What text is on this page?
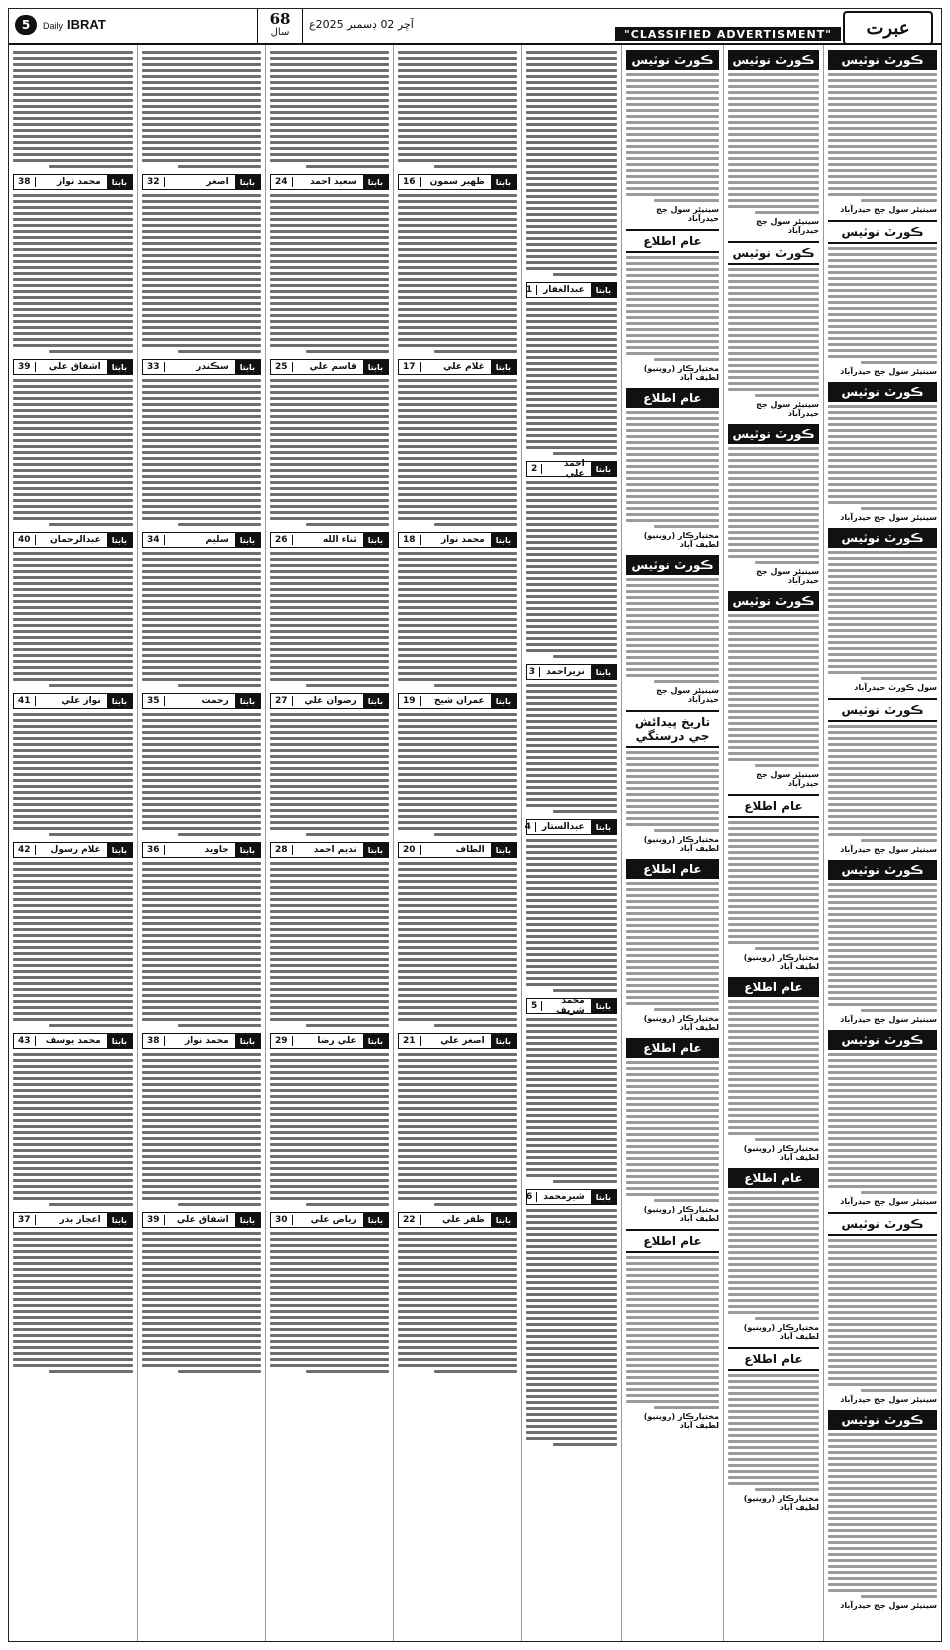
5	Daily IBRAT	68
سال
آڇر 02 ڊسمبر 2025ع
"CLASSIFIED ADVERTISMENT"	عبرت
ڪورٽ نوٽيس
سينيئر سول جج حيدرآباد
ڪورٽ نوٽيس
سينيئر سول جج حيدرآباد
ڪورٽ نوٽيس
سينيئر سول جج حيدرآباد
ڪورٽ نوٽيس
سول ڪورٽ حيدرآباد
ڪورٽ نوٽيس
سينيئر سول جج حيدرآباد
ڪورٽ نوٽيس
سينيئر سول جج حيدرآباد
ڪورٽ نوٽيس
سينيئر سول جج حيدرآباد
ڪورٽ نوٽيس
سينيئر سول جج حيدرآباد
ڪورٽ نوٽيس
سينيئر سول جج حيدرآباد
ڪورٽ نوٽيس
سينيئر سول جج حيدرآباد
ڪورٽ نوٽيس
سينيئر سول جج حيدرآباد
ڪورٽ نوٽيس
سينيئر سول جج حيدرآباد
ڪورٽ نوٽيس
سينيئر سول جج حيدرآباد
عام اطلاع
مختيارڪار (روينيو) لطيف آباد
عام اطلاع
مختيارڪار (روينيو) لطيف آباد
عام اطلاع
مختيارڪار (روينيو) لطيف آباد
عام اطلاع
مختيارڪار (روينيو) لطيف آباد
ڪورٽ نوٽيس
سينيئر سول جج حيدرآباد
عام اطلاع
مختيارڪار (روينيو) لطيف آباد
عام اطلاع
مختيارڪار (روينيو) لطيف آباد
ڪورٽ نوٽيس
سينيئر سول جج حيدرآباد
تاريخ پيدائش جي درستگي
مختيارڪار (روينيو) لطيف آباد
عام اطلاع
مختيارڪار (روينيو) لطيف آباد
عام اطلاع
مختيارڪار (روينيو) لطيف آباد
عام اطلاع
مختيارڪار (روينيو) لطيف آباد
بابتا
عبدالغفار
1
بابتا
احمد علي
2
بابتا
نزيراحمد
3
بابتا
عبدالستار
4
بابتا
محمد شريف
5
بابتا
شيرمحمد
6
بابتا
ظهير سمون
16
بابتا
غلام علي
17
بابتا
محمد نواز
18
بابتا
عمران شيخ
19
بابتا
الطاف
20
بابتا
اصغر علي
21
بابتا
ظفر علي
22
بابتا
سعيد احمد
24
بابتا
قاسم علي
25
بابتا
ثناء الله
26
بابتا
رضوان علي
27
بابتا
نديم احمد
28
بابتا
علي رضا
29
بابتا
رياض علي
30
بابتا
اصغر
32
بابتا
سڪندر
33
بابتا
سليم
34
بابتا
رحمت
35
بابتا
جاويد
36
بابتا
محمد نواز
38
بابتا
اشفاق علي
39
بابتا
محمد نواز
38
بابتا
اشفاق علي
39
بابتا
عبدالرحمان
40
بابتا
نواز علي
41
بابتا
غلام رسول
42
بابتا
محمد يوسف
43
بابتا
اعجاز بدر
37
